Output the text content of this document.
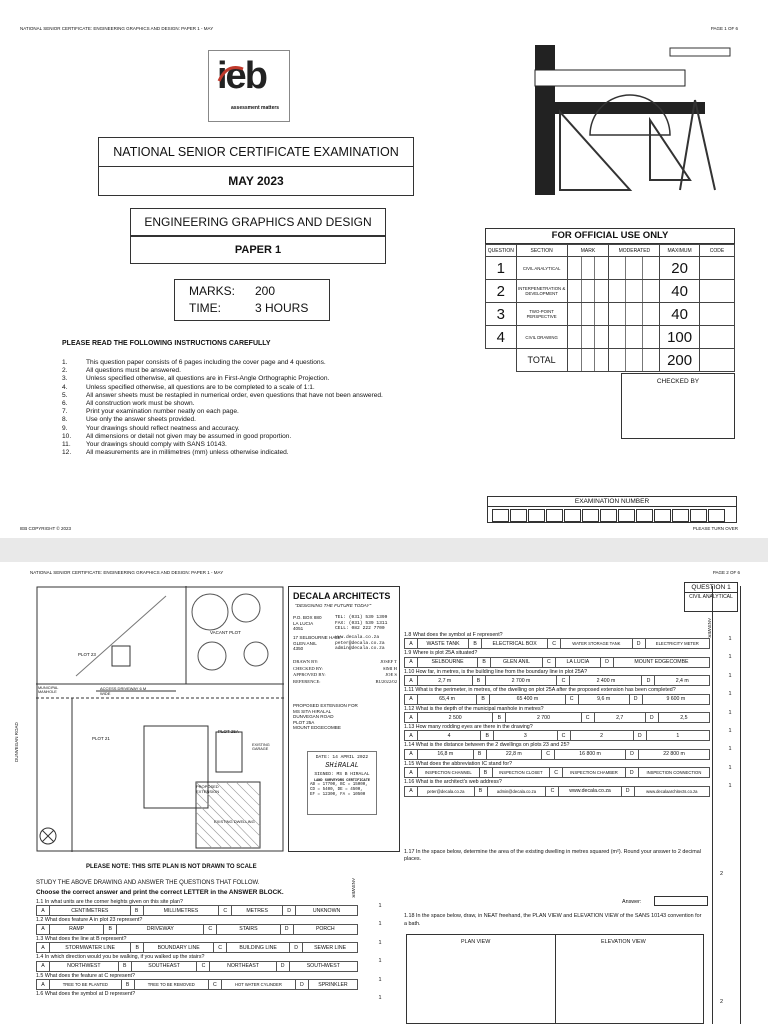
NATIONAL SENIOR CERTIFICATE: ENGINEERING GRAPHICS AND DESIGN: PAPER 1 - MAY	PAGE 1 OF 6
ieb
assessment matters
NATIONAL SENIOR CERTIFICATE EXAMINATION
MAY 2023
ENGINEERING GRAPHICS AND DESIGN
PAPER 1
MARKS: 200
TIME:	3 HOURS
PLEASE READ THE FOLLOWING INSTRUCTIONS CAREFULLY
1.	This question paper consists of 6 pages including the cover page and 4 questions.
2.	All questions must be answered.
3.	Unless specified otherwise, all questions are in First-Angle Orthographic Projection.
4.	Unless specified otherwise, all questions are to be completed to a scale of 1:1.
5.	All answer sheets must be restapled in numerical order, even questions that have not been answered.
6.	All construction work must be shown.
7.	Print your examination number neatly on each page.
8.	Use only the answer sheets provided.
9.	Your drawings should reflect neatness and accuracy.
10.	All dimensions or detail not given may be assumed in good proportion.
11.	Your drawings should comply with SANS 10143.
12.	All measurements are in millimetres (mm) unless otherwise indicated.
FOR OFFICIAL USE ONLY
QUESTION	SECTION	MARK	MODERATED	MAXIMUM	CODE
1	CIVIL ANALYTICAL			20	
2	INTERPENETRATION & DEVELOPMENT			40	
3	TWO-POINT PERSPECTIVE			40	
4	CIVIL DRAWING			100	
	TOTAL			200	
CHECKED BY
EXAMINATION NUMBER
IEB COPYRIGHT © 2023	PLEASE TURN OVER
NATIONAL SENIOR CERTIFICATE: ENGINEERING GRAPHICS AND DESIGN: PAPER 1 - MAY	PAGE 2 OF 6
PLOT 23
VACANT PLOT
PLOT 21
PLOT 25A
ACCESS DRIVEWAY 6 M WIDE
DUNVEGAN ROAD
MUNICIPAL MANHOLE
EXISTING DWELLING
PROPOSED EXTENSION
EXISTING GARAGE
PLEASE NOTE: THIS SITE PLAN IS NOT DRAWN TO SCALE
DECALA ARCHITECTS
"DESIGNING THE FUTURE TODAY"
P.O. BOX 880
LA LUCIA
4051
TEL: (031) 539 1399
FAX: (031) 539 1311
CELL: 082 222 7700
17 SELBOURNE HALL
GLEN ANIL
4350
www.decala.co.za
peter@decala.co.za
admin@decala.co.za
DRAWN BY:	JOSEF T
CHECKED BY:	SIMI H
APPROVED BY:	JOE S
REFERENCE:	BU2022/02
PROPOSED EXTENSION FOR
MS SITA HIRALAL
DUNVEGAN ROAD
PLOT 25A
MOUNT EDGECOMBE
DATE: 14 APRIL 2022
SHiRALAL
SIGNED: MS B HIRALAL
LAND SURVEYORS CERTIFICATE
AB = 17700, BC = 15000,
CD = 5400, DE = 4500,
EF = 12300, FA = 10500
QUESTION 1
CIVIL ANALYTICAL
STUDY THE ABOVE DRAWING AND ANSWER THE QUESTIONS THAT FOLLOW.
Choose the correct answer and print the correct LETTER in the ANSWER BLOCK.	ANSWER
1.1 In what units are the corner heights given on this site plan?
A	CENTIMETRES	B	MILLIMETRES	C	METRES	D	UNKNOWN
1
1.2 What does feature A in plot 23 represent?
A	RAMP	B	DRIVEWAY	C	STAIRS	D	PORCH
1
1.3 What does the line at B represent?
A	STORMWATER LINE	B	BOUNDARY LINE	C	BUILDING LINE	D	SEWER LINE
1
1.4 In which direction would you be walking, if you walked up the stairs?
A	NORTHWEST	B	SOUTHEAST	C	NORTHEAST	D	SOUTHWEST
1
1.5 What does the feature at C represent?
A	TREE TO BE PLANTED	B	TREE TO BE REMOVED	C	HOT WATER CYLINDER	D	SPRINKLER
1
1.6 What does the symbol at D represent?
1
ANSWER
1.8 What does the symbol at F represent?
A	WASTE TANK	B	ELECTRICAL BOX	C	WATER STORAGE TANK	D	ELECTRICITY METER
1
1.9 Where is plot 25A situated?
A	SELBOURNE	B	GLEN ANIL	C	LA LUCIA	D	MOUNT EDGECOMBE
1
1.10 How far, in metres, is the building line from the boundary line in plot 25A?
A	2,7 m	B	2 700 m	C	2 400 m	D	2,4 m
1
1.11 What is the perimeter, in metres, of the dwelling on plot 25A after the proposed extension has been completed?
A	65,4 m	B	65 400 m	C	9,6 m	D	9 600 m
1
1.12 What is the depth of the municipal manhole in metres?
A	2 500	B	2 700	C	2,7	D	2,5
1
1.13 How many rodding eyes are there in the drawing?
A	4	B	3	C	2	D	1
1
1.14 What is the distance between the 2 dwellings on plots 23 and 25?
A	16,8 m	B	22,8 m	C	16 800 m	D	22 800 m
1
1.15 What does the abbreviation IC stand for?
A	INSPECTION CHANNEL	B	INSPECTION CLOSET	C	INSPECTION CHAMBER	D	INSPECTION CONNECTION
1
1.16 What is the architect's web address?
A	peter@decala.co.za	B	admin@decala.co.za	C	www.decala.co.za	D	www.decalaarchitects.co.za
1
1.17 In the space below, determine the area of the existing dwelling in metres squared (m²). Round your answer to 2 decimal places.
2
Answer:
1.18 In the space below, draw, in NEAT freehand, the PLAN VIEW and ELEVATION VIEW of the SANS 10143 convention for a bath.
PLAN VIEW	ELEVATION VIEW
2
